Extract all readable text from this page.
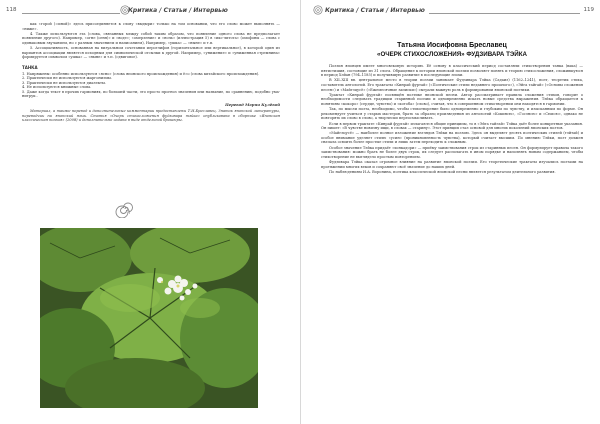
118	Критика / Статьи / Интервью

как «горой (=иной)» здесь присоединяется к слову «выдыри» только на том основании, что его слово может выполнять — «ниже».

4. Также используются эта (слова, связанных между собой таким образом, что появление одного слова не предполагает появление другого). Например, «огне (огня)» и «воде»; «омерзение» и «ночь» (иллюстрация 5) в «икс-литота» (омофоны — слова с одинаковым звучанием, но с разным значением и написанием), Например, «ушка» — «ныне» и т.п.

5. Ассоциативность, основанная на визуальном сочетании иероглифов (горизонтальное или вертикальное), в которой один из вариантов ассоциации является исходным для символической отсылки к другой. Например, «унижение» и «униженная стремнина» формируется символом «ушка» — «ныне» и т.п. (сдвиговое).

ТАНКА
1. Напряжены: особенно используются «ясно» (слова японского происхождения) и ё»о (слова китайского происхождения).
2. Практически не используются жаргонизмы.
3. Практически не используются диалекты.
4. Не используются книжные слова.
5. Даже когда текст в прочих гармониях, по большей части, это просто прогноз значения или название, по сравнению, подобно ума-нитрук..
Перевод Марии Кулёвой
Материал, а также перевод и дополнительные комментарии предоставлены Т.И.Бреславец. Знаток японской литературы, переводчик на японский язык. Статья «Очерк стихосложения фудзивара тэйка» опубликована в сборнике «Японская классическая поэзия» (2008) и дополнительно издана в виде отдельной брошюры.
Критика / Статьи / Интервью	119
Татьяна Иосифовна Бреславец
«ОЧЕРК СТИХОСЛОЖЕНИЯ» ФУДЗИВАРА ТЭЙКА

Поэзия японцев имеет многовековую историю. Её основу в классический период составляли стихотворения танка (вака) — пятистишия, состоящие из 31 слога. Обращение к истории японской поэзии позволяет понять и теорию стихосложения, сложившуюся в период Хэйан (794–1185) и получившую развитие в последующие эпохи.

В XII–XIII вв. центральное место в теории поэзии занимает Фудзивара Тэйка (Садаиэ) (1162–1241), поэт, теоретик стиха, составитель антологий. Его трактаты «Кинрай фуртай» («Поэтические стили недавнего прошлого»), «Эйга тайгай» («Основы сложения песен») и «Майгэцусё» («Ежемесячные записки») сыграли важную роль в формировании японской поэтики.

Трактат «Кинрай фуртай» посвящён поэтике японской песни. Автор рассматривает правила сложения стихов, говорит о необходимости следовать традиции старинной поэзии и одновременно искать новые средства выражения. Тэйка обращается к понятиям «кокоро» (сердце, чувство) и «котоба» (слово), считая, что в совершенном стихотворении они находятся в гармонии.

Так, по мысли поэта, необходимо, чтобы стихотворение было одновременно и глубоким по чувству, и изысканным по форме. Он рекомендует учиться у старых мастеров, брать за образец произведения из антологий «Кокинсю», «Госэнсю» и «Сюисю», однако не повторять их слово в слово, а творчески переосмысливать.

Если в первом трактате «Кинрай фуртай» излагаются общие принципы, то в «Эйга тайгай» Тэйка даёт более конкретные указания. Он пишет: «В чувстве новизну ищи, в словах — старину». Этот принцип стал основой для многих поколений японских поэтов.

«Майгэцусё» — наиболее полное изложение взглядов Тэйки на поэзию. Здесь он выделяет десять поэтических стилей (тэйтай) и особое внимание уделяет стилю «усин» (проникновенность чувства), который считает высшим. По мнению Тэйки, поэт должен сначала освоить более простые стили и лишь затем переходить к сложным.

Особое значение Тэйка придаёт «хонкадори» — приёму заимствования строк из старинных песен. Он формулирует правила такого заимствования: можно брать не более двух строк, их следует располагать в ином порядке и наполнять новым содержанием, чтобы стихотворение не выглядело простым повторением.

Фудзивара Тэйка оказал огромное влияние на развитие японской поэзии. Его теоретические трактаты изучались поэтами на протяжении многих веков и сохраняют своё значение до наших дней.

По наблюдениям И.А. Воронина, поэтика классической японской песни является результатом длительного развития.
